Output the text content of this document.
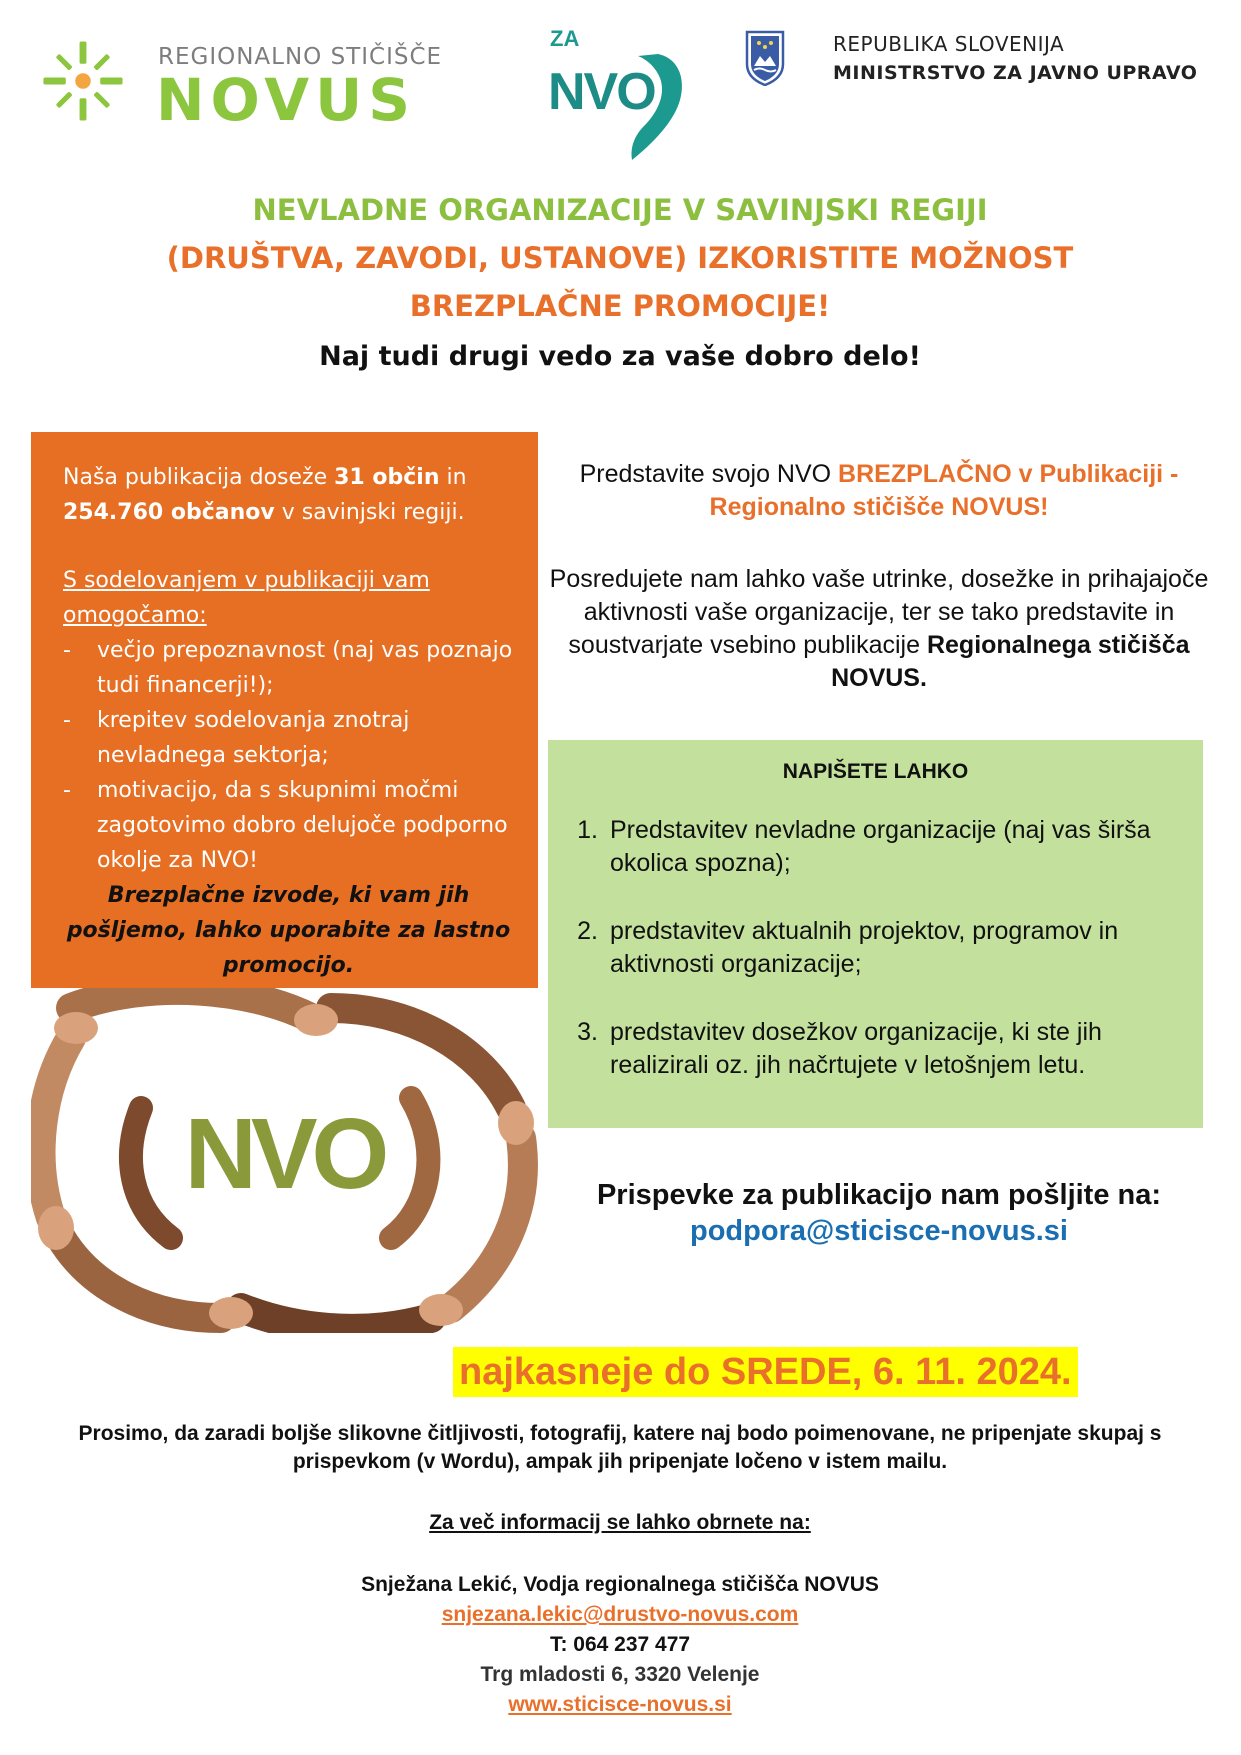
REGIONALNO STIČIŠČE
NOVUS
ZA
NVO
REPUBLIKA SLOVENIJA
MINISTRSTVO ZA JAVNO UPRAVO
NEVLADNE ORGANIZACIJE V SAVINJSKI REGIJI
(DRUŠTVA, ZAVODI, USTANOVE) IZKORISTITE MOŽNOST
BREZPLAČNE PROMOCIJE!
Naj tudi drugi vedo za vaše dobro delo!
Naša publikacija doseže 31 občin in 254.760 občanov v savinjski regiji.
S sodelovanjem v publikaciji vam omogočamo:
- večjo prepoznavnost (naj vas poznajo tudi financerji!);
- krepitev sodelovanja znotraj nevladnega sektorja;
- motivacijo, da s skupnimi močmi zagotovimo dobro delujoče podporno okolje za NVO!
Brezplačne izvode, ki vam jih pošljemo, lahko uporabite za lastno promocijo.
NVO
Predstavite svojo NVO BREZPLAČNO v Publikaciji - Regionalno stičišče NOVUS!
Posredujete nam lahko vaše utrinke, dosežke in prihajajoče aktivnosti vaše organizacije, ter se tako predstavite in soustvarjate vsebino publikacije Regionalnega stičišča NOVUS.
NAPIŠETE LAHKO
1. Predstavitev nevladne organizacije (naj vas širša okolica spozna);
2. predstavitev aktualnih projektov, programov in aktivnosti organizacije;
3. predstavitev dosežkov organizacije, ki ste jih realizirali oz. jih načrtujete v letošnjem letu.
Prispevke za publikacijo nam pošljite na:
podpora@sticisce-novus.si
najkasneje do SREDE, 6. 11. 2024.
Prosimo, da zaradi boljše slikovne čitljivosti, fotografij, katere naj bodo poimenovane, ne pripenjate skupaj s prispevkom (v Wordu), ampak jih pripenjate ločeno v istem mailu.
Za več informacij se lahko obrnete na:
Snježana Lekić, Vodja regionalnega stičišča NOVUS
snjezana.lekic@drustvo-novus.com
T: 064 237 477
Trg mladosti 6, 3320 Velenje
www.sticisce-novus.si
